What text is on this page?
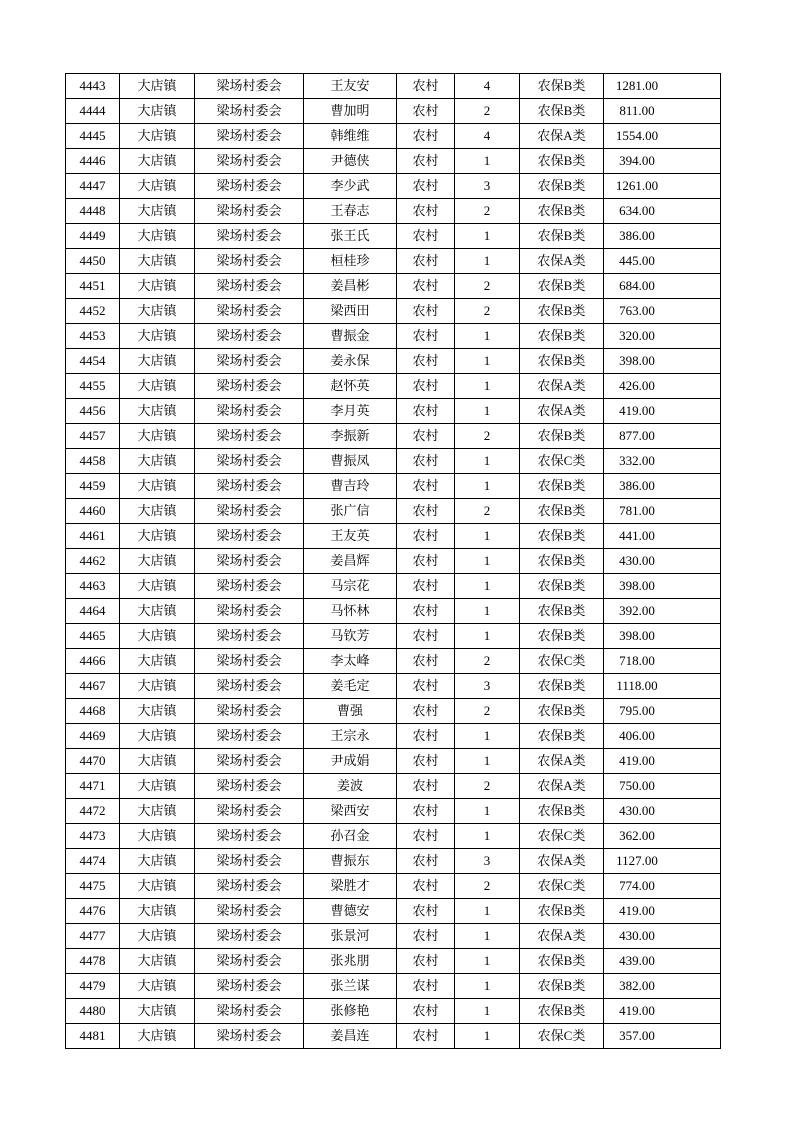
4443	大店镇	梁场村委会	王友安	农村	4	农保B类	1281.00
4444	大店镇	梁场村委会	曹加明	农村	2	农保B类	811.00
4445	大店镇	梁场村委会	韩维维	农村	4	农保A类	1554.00
4446	大店镇	梁场村委会	尹德侠	农村	1	农保B类	394.00
4447	大店镇	梁场村委会	李少武	农村	3	农保B类	1261.00
4448	大店镇	梁场村委会	王春志	农村	2	农保B类	634.00
4449	大店镇	梁场村委会	张王氏	农村	1	农保B类	386.00
4450	大店镇	梁场村委会	桓桂珍	农村	1	农保A类	445.00
4451	大店镇	梁场村委会	姜昌彬	农村	2	农保B类	684.00
4452	大店镇	梁场村委会	梁西田	农村	2	农保B类	763.00
4453	大店镇	梁场村委会	曹振金	农村	1	农保B类	320.00
4454	大店镇	梁场村委会	姜永保	农村	1	农保B类	398.00
4455	大店镇	梁场村委会	赵怀英	农村	1	农保A类	426.00
4456	大店镇	梁场村委会	李月英	农村	1	农保A类	419.00
4457	大店镇	梁场村委会	李振新	农村	2	农保B类	877.00
4458	大店镇	梁场村委会	曹振凤	农村	1	农保C类	332.00
4459	大店镇	梁场村委会	曹吉玲	农村	1	农保B类	386.00
4460	大店镇	梁场村委会	张广信	农村	2	农保B类	781.00
4461	大店镇	梁场村委会	王友英	农村	1	农保B类	441.00
4462	大店镇	梁场村委会	姜昌辉	农村	1	农保B类	430.00
4463	大店镇	梁场村委会	马宗花	农村	1	农保B类	398.00
4464	大店镇	梁场村委会	马怀林	农村	1	农保B类	392.00
4465	大店镇	梁场村委会	马钦芳	农村	1	农保B类	398.00
4466	大店镇	梁场村委会	李太峰	农村	2	农保C类	718.00
4467	大店镇	梁场村委会	姜毛定	农村	3	农保B类	1118.00
4468	大店镇	梁场村委会	曹强	农村	2	农保B类	795.00
4469	大店镇	梁场村委会	王宗永	农村	1	农保B类	406.00
4470	大店镇	梁场村委会	尹成娟	农村	1	农保A类	419.00
4471	大店镇	梁场村委会	姜波	农村	2	农保A类	750.00
4472	大店镇	梁场村委会	梁西安	农村	1	农保B类	430.00
4473	大店镇	梁场村委会	孙召金	农村	1	农保C类	362.00
4474	大店镇	梁场村委会	曹振东	农村	3	农保A类	1127.00
4475	大店镇	梁场村委会	梁胜才	农村	2	农保C类	774.00
4476	大店镇	梁场村委会	曹德安	农村	1	农保B类	419.00
4477	大店镇	梁场村委会	张景河	农村	1	农保A类	430.00
4478	大店镇	梁场村委会	张兆朋	农村	1	农保B类	439.00
4479	大店镇	梁场村委会	张兰谋	农村	1	农保B类	382.00
4480	大店镇	梁场村委会	张修艳	农村	1	农保B类	419.00
4481	大店镇	梁场村委会	姜昌连	农村	1	农保C类	357.00
